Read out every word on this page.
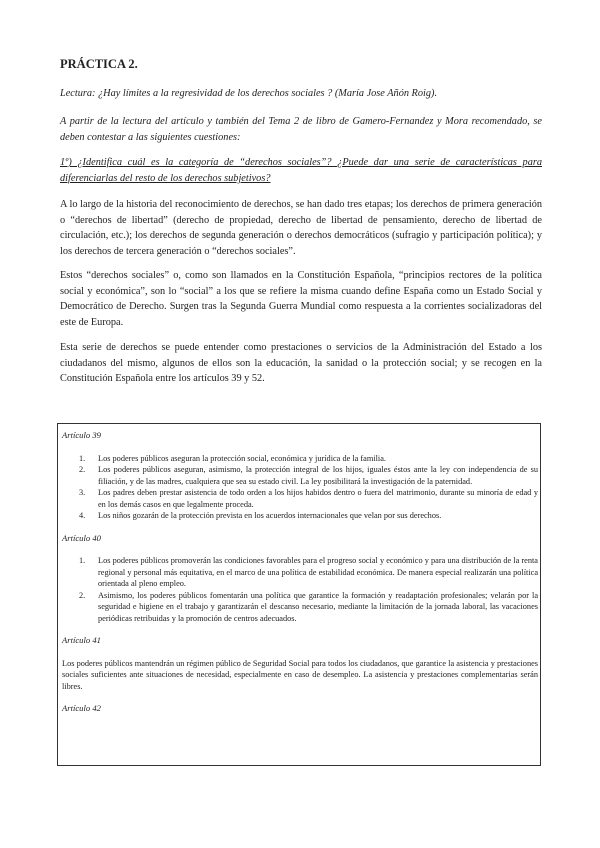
PRÁCTICA 2.

Lectura: ¿Hay límites a la regresividad de los derechos sociales ? (María Jose Añón Roig).

A partir de la lectura del artículo y también del Tema 2 de libro de Gamero-Fernandez y Mora recomendado, se deben contestar a las siguientes cuestiones:

1º) ¿Identifica cuál es la categoría de “derechos sociales”? ¿Puede dar una serie de características para diferenciarlas del resto de los derechos subjetivos?

A lo largo de la historia del reconocimiento de derechos, se han dado tres etapas; los derechos de primera generación o “derechos de libertad” (derecho de propiedad, derecho de libertad de pensamiento, derecho de libertad de circulación, etc.); los derechos de segunda generación o derechos democráticos (sufragio y participación política); y los derechos de tercera generación o “derechos sociales”.

Estos “derechos sociales” o, como son llamados en la Constitución Española, “principios rectores de la política social y económica”, son lo “social” a los que se refiere la misma cuando define España como un Estado Social y Democrático de Derecho. Surgen tras la Segunda Guerra Mundial como respuesta a la corrientes socializadoras del este de Europa.

Esta serie de derechos se puede entender como prestaciones o servicios de la Administración del Estado a los ciudadanos del mismo, algunos de ellos son la educación, la sanidad o la protección social; y se recogen en la Constitución Española entre los artículos 39 y 52.

Artículo 39

1. Los poderes públicos aseguran la protección social, económica y jurídica de la familia.
2. Los poderes públicos aseguran, asimismo, la protección integral de los hijos, iguales éstos ante la ley con independencia de su filiación, y de las madres, cualquiera que sea su estado civil. La ley posibilitará la investigación de la paternidad.
3. Los padres deben prestar asistencia de todo orden a los hijos habidos dentro o fuera del matrimonio, durante su minoría de edad y en los demás casos en que legalmente proceda.
4. Los niños gozarán de la protección prevista en los acuerdos internacionales que velan por sus derechos.

Artículo 40

1. Los poderes públicos promoverán las condiciones favorables para el progreso social y económico y para una distribución de la renta regional y personal más equitativa, en el marco de una política de estabilidad económica. De manera especial realizarán una política orientada al pleno empleo.
2. Asimismo, los poderes públicos fomentarán una política que garantice la formación y readaptación profesionales; velarán por la seguridad e higiene en el trabajo y garantizarán el descanso necesario, mediante la limitación de la jornada laboral, las vacaciones periódicas retribuidas y la promoción de centros adecuados.

Artículo 41

Los poderes públicos mantendrán un régimen público de Seguridad Social para todos los ciudadanos, que garantice la asistencia y prestaciones sociales suficientes ante situaciones de necesidad, especialmente en caso de desempleo. La asistencia y prestaciones complementarias serán libres.

Artículo 42
